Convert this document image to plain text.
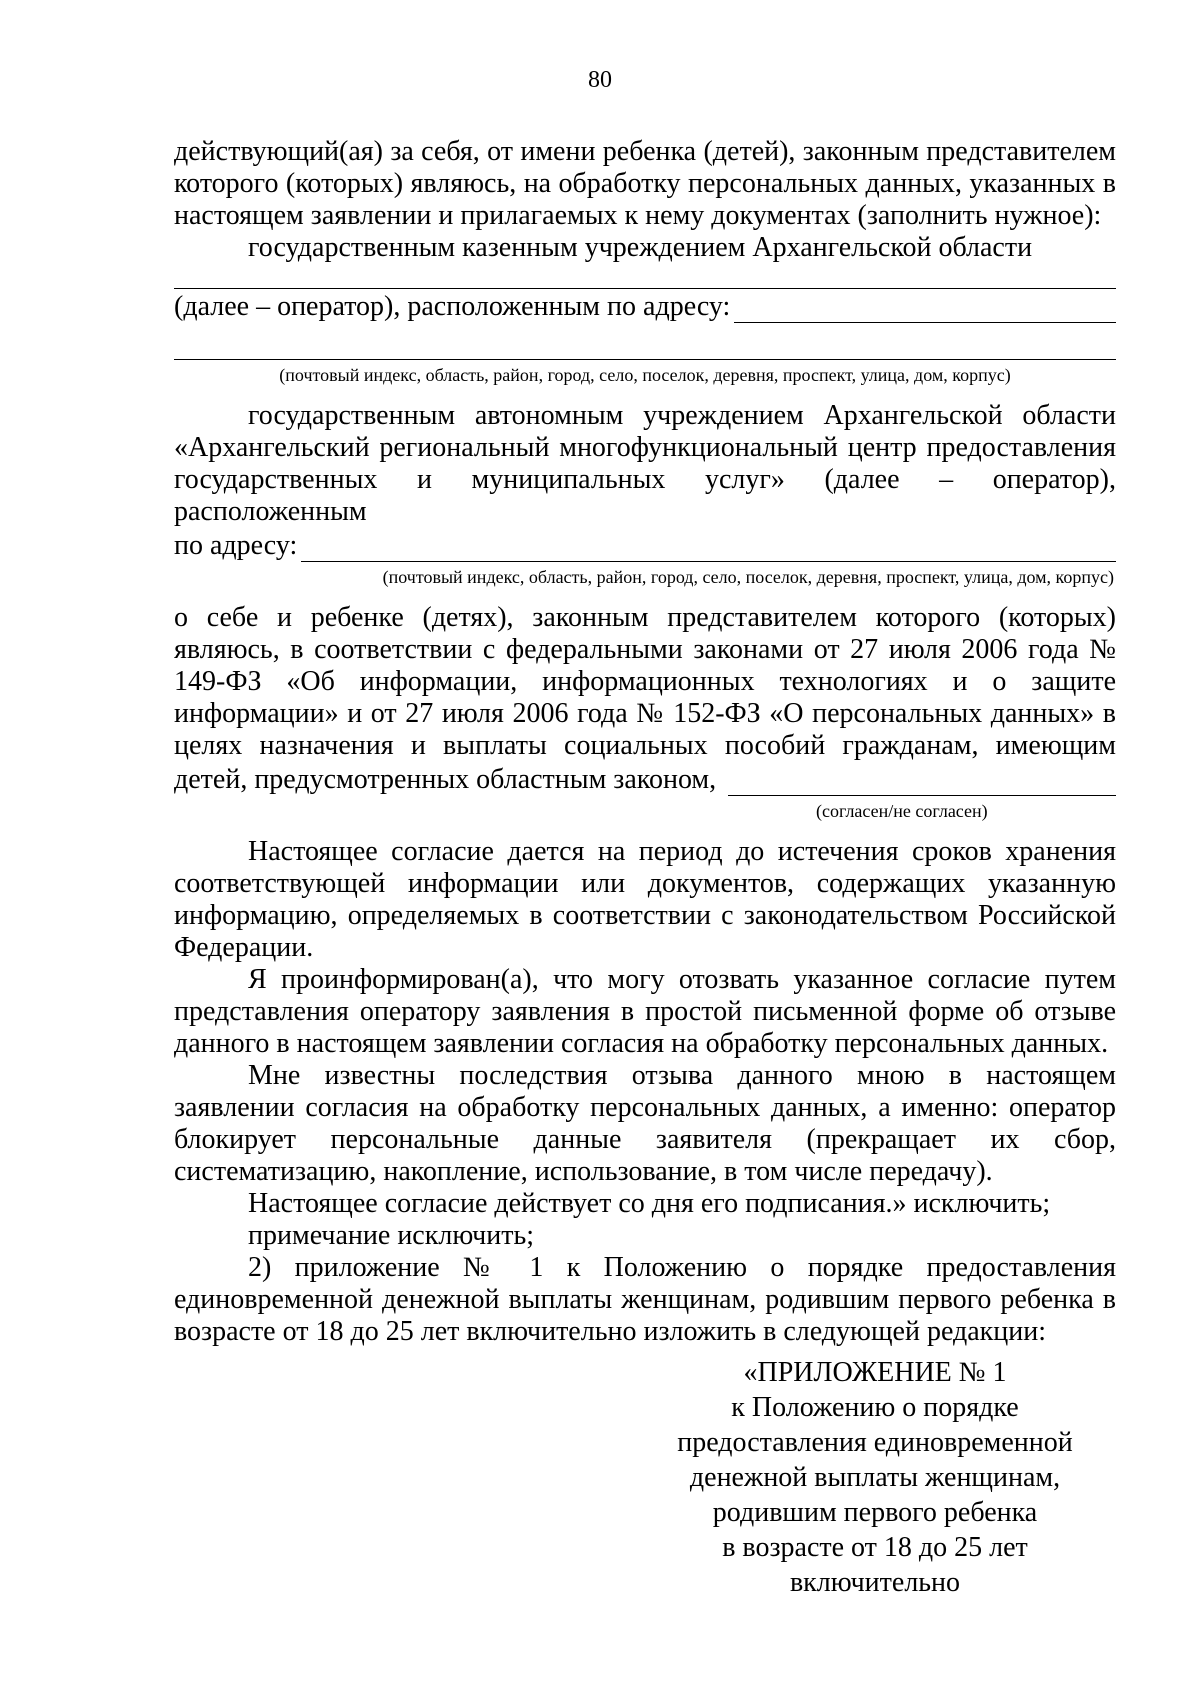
80

действующий(ая) за себя, от имени ребенка (детей), законным представителем которого (которых) являюсь, на обработку персональных данных, указанных в настоящем заявлении и прилагаемых к нему документах (заполнить нужное):

государственным казенным учреждением Архангельской области

(далее – оператор), расположенным по адресу:

(почтовый индекс, область, район, город, село, поселок, деревня, проспект, улица, дом, корпус)

государственным автономным учреждением Архангельской области «Архангельский региональный многофункциональный центр предоставления государственных и муниципальных услуг» (далее – оператор), расположенным

по адресу:

(почтовый индекс, область, район, город, село, поселок, деревня, проспект, улица, дом, корпус)

о себе и ребенке (детях), законным представителем которого (которых) являюсь, в соответствии с федеральными законами от 27 июля 2006 года № 149-ФЗ «Об информации, информационных технологиях и о защите информации» и от 27 июля 2006 года № 152-ФЗ «О персональных данных» в целях назначения и выплаты социальных пособий гражданам, имеющим

детей, предусмотренных областным законом,

(согласен/не согласен)

Настоящее согласие дается на период до истечения сроков хранения соответствующей информации или документов, содержащих указанную информацию, определяемых в соответствии с законодательством Российской Федерации.

Я проинформирован(а), что могу отозвать указанное согласие путем представления оператору заявления в простой письменной форме об отзыве данного в настоящем заявлении согласия на обработку персональных данных.

Мне известны последствия отзыва данного мною в настоящем заявлении согласия на обработку персональных данных, а именно: оператор блокирует персональные данные заявителя (прекращает их сбор, систематизацию, накопление, использование, в том числе передачу).

Настоящее согласие действует со дня его подписания.» исключить;

примечание исключить;

2) приложение № 1 к Положению о порядке предоставления единовременной денежной выплаты женщинам, родившим первого ребенка в возрасте от 18 до 25 лет включительно изложить в следующей редакции:

«ПРИЛОЖЕНИЕ № 1
к Положению о порядке
предоставления единовременной
денежной выплаты женщинам,
родившим первого ребенка
в возрасте от 18 до 25 лет
включительно
